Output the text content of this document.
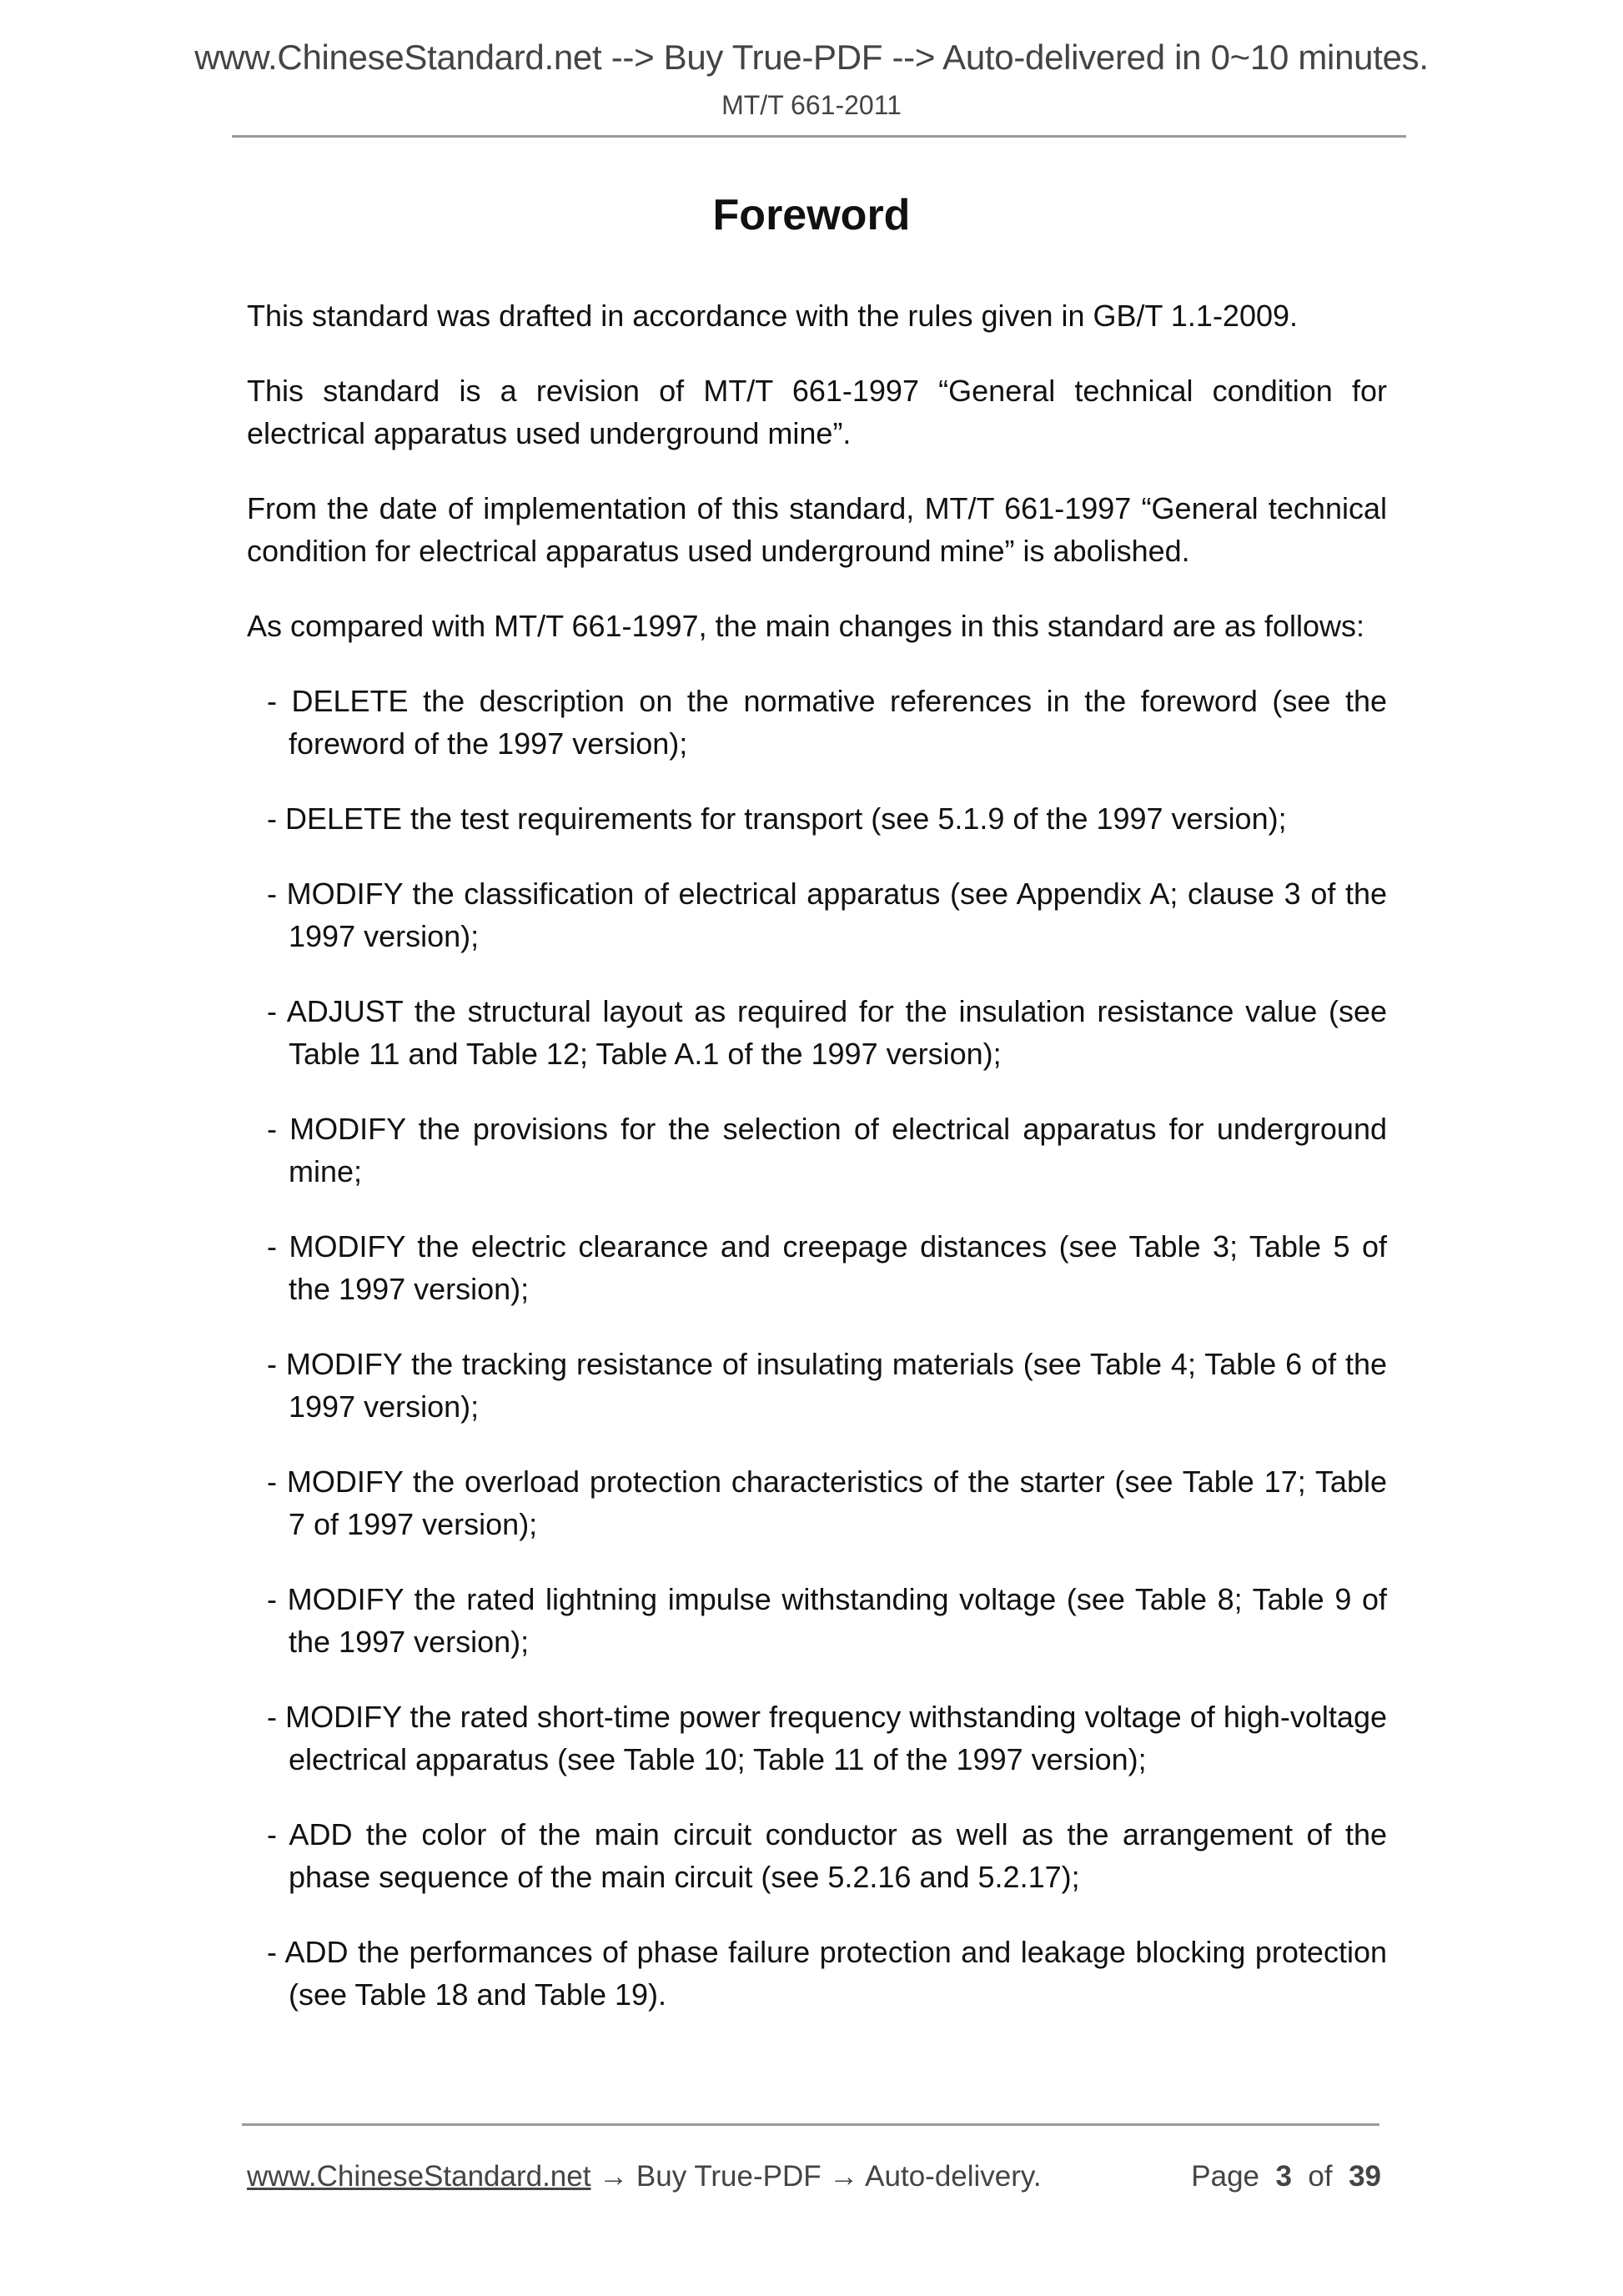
www.ChineseStandard.net --> Buy True-PDF --> Auto-delivered in 0~10 minutes.
MT/T 661-2011
Foreword

This standard was drafted in accordance with the rules given in GB/T 1.1-2009.

This standard is a revision of MT/T 661-1997 “General technical condition for electrical apparatus used underground mine”.

From the date of implementation of this standard, MT/T 661-1997 “General technical condition for electrical apparatus used underground mine” is abolished.

As compared with MT/T 661-1997, the main changes in this standard are as follows:

- DELETE the description on the normative references in the foreword (see the foreword of the 1997 version);

- DELETE the test requirements for transport (see 5.1.9 of the 1997 version);

- MODIFY the classification of electrical apparatus (see Appendix A; clause 3 of the 1997 version);

- ADJUST the structural layout as required for the insulation resistance value (see Table 11 and Table 12; Table A.1 of the 1997 version);

- MODIFY the provisions for the selection of electrical apparatus for underground mine;

- MODIFY the electric clearance and creepage distances (see Table 3; Table 5 of the 1997 version);

- MODIFY the tracking resistance of insulating materials (see Table 4; Table 6 of the 1997 version);

- MODIFY the overload protection characteristics of the starter (see Table 17; Table 7 of 1997 version);

- MODIFY the rated lightning impulse withstanding voltage (see Table 8; Table 9 of the 1997 version);

- MODIFY the rated short-time power frequency withstanding voltage of high-voltage electrical apparatus (see Table 10; Table 11 of the 1997 version);

- ADD the color of the main circuit conductor as well as the arrangement of the phase sequence of the main circuit (see 5.2.16 and 5.2.17);

- ADD the performances of phase failure protection and leakage blocking protection (see Table 18 and Table 19).

www.ChineseStandard.net → Buy True-PDF → Auto-delivery.	Page 3 of 39
